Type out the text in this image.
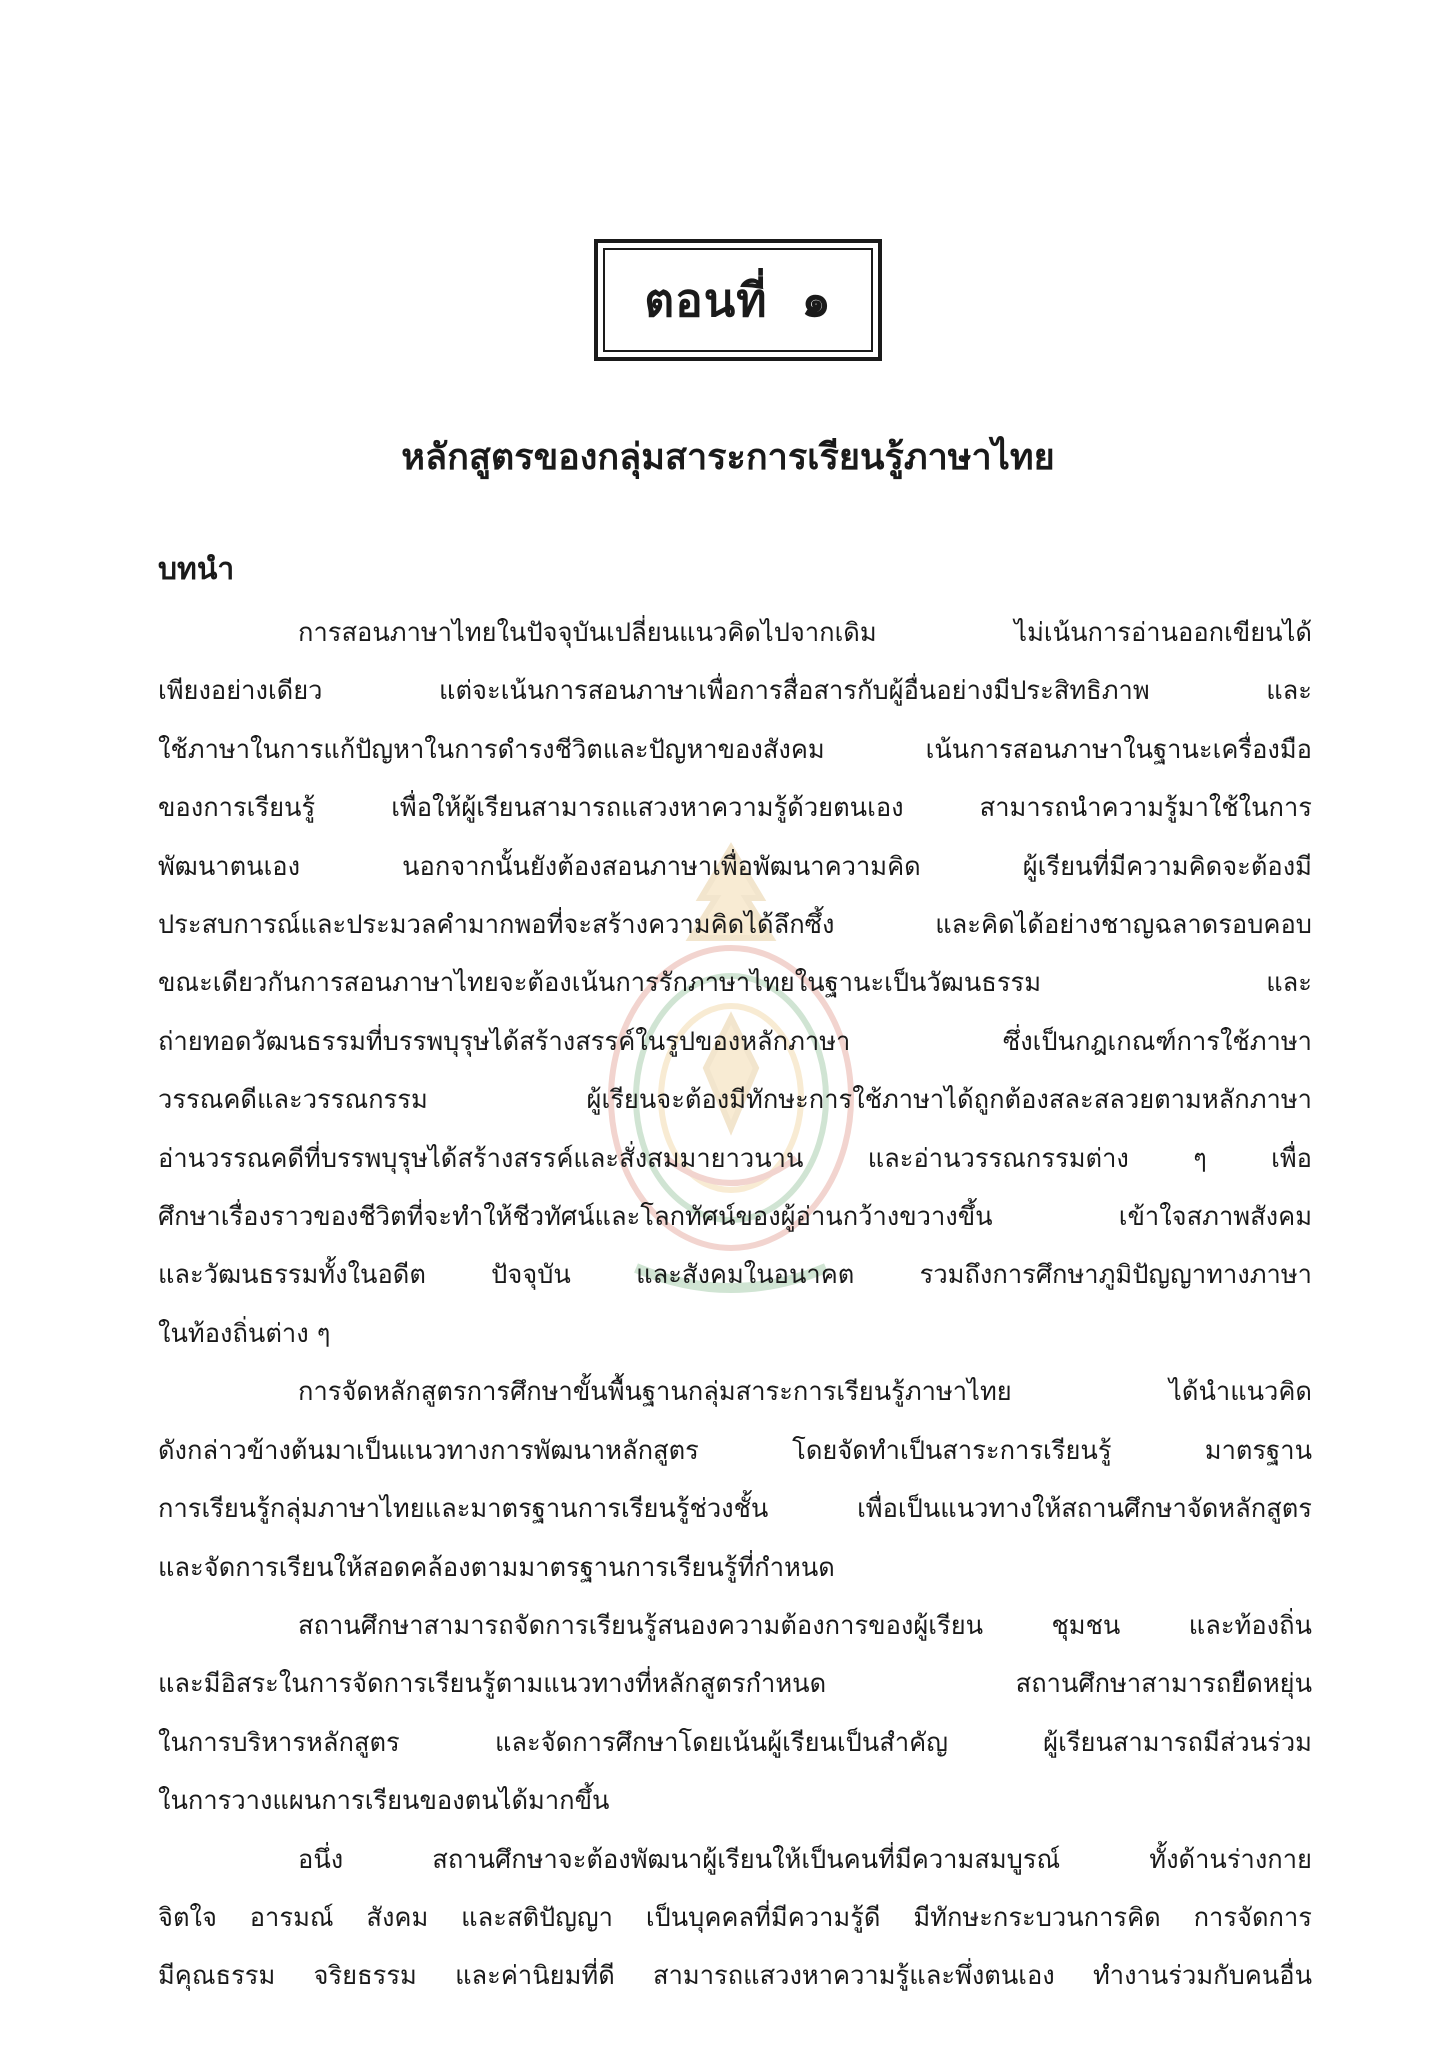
ตอนที่ ๑
หลักสูตรของกลุ่มสาระการเรียนรู้ภาษาไทย
บทนำ
การสอนภาษาไทยในปัจจุบันเปลี่ยนแนวคิดไปจากเดิม ไม่เน้นการอ่านออกเขียนได้
เพียงอย่างเดียว แต่จะเน้นการสอนภาษาเพื่อการสื่อสารกับผู้อื่นอย่างมีประสิทธิภาพ และ
ใช้ภาษาในการแก้ปัญหาในการดำรงชีวิตและปัญหาของสังคม เน้นการสอนภาษาในฐานะเครื่องมือ
ของการเรียนรู้ เพื่อให้ผู้เรียนสามารถแสวงหาความรู้ด้วยตนเอง สามารถนำความรู้มาใช้ในการ
พัฒนาตนเอง นอกจากนั้นยังต้องสอนภาษาเพื่อพัฒนาความคิด ผู้เรียนที่มีความคิดจะต้องมี
ประสบการณ์และประมวลคำมากพอที่จะสร้างความคิดได้ลึกซึ้ง และคิดได้อย่างชาญฉลาดรอบคอบ
ขณะเดียวกันการสอนภาษาไทยจะต้องเน้นการรักภาษาไทยในฐานะเป็นวัฒนธรรม และ
ถ่ายทอดวัฒนธรรมที่บรรพบุรุษได้สร้างสรรค์ในรูปของหลักภาษา ซึ่งเป็นกฎเกณฑ์การใช้ภาษา
วรรณคดีและวรรณกรรม ผู้เรียนจะต้องมีทักษะการใช้ภาษาได้ถูกต้องสละสลวยตามหลักภาษา
อ่านวรรณคดีที่บรรพบุรุษได้สร้างสรรค์และสั่งสมมายาวนาน และอ่านวรรณกรรมต่าง ๆ เพื่อ
ศึกษาเรื่องราวของชีวิตที่จะทำให้ชีวทัศน์และโลกทัศน์ของผู้อ่านกว้างขวางขึ้น เข้าใจสภาพสังคม
และวัฒนธรรมทั้งในอดีต ปัจจุบัน และสังคมในอนาคต รวมถึงการศึกษาภูมิปัญญาทางภาษา
ในท้องถิ่นต่าง ๆ
การจัดหลักสูตรการศึกษาขั้นพื้นฐานกลุ่มสาระการเรียนรู้ภาษาไทย ได้นำแนวคิด
ดังกล่าวข้างต้นมาเป็นแนวทางการพัฒนาหลักสูตร โดยจัดทำเป็นสาระการเรียนรู้ มาตรฐาน
การเรียนรู้กลุ่มภาษาไทยและมาตรฐานการเรียนรู้ช่วงชั้น เพื่อเป็นแนวทางให้สถานศึกษาจัดหลักสูตร
และจัดการเรียนให้สอดคล้องตามมาตรฐานการเรียนรู้ที่กำหนด
สถานศึกษาสามารถจัดการเรียนรู้สนองความต้องการของผู้เรียน ชุมชน และท้องถิ่น
และมีอิสระในการจัดการเรียนรู้ตามแนวทางที่หลักสูตรกำหนด สถานศึกษาสามารถยืดหยุ่น
ในการบริหารหลักสูตร และจัดการศึกษาโดยเน้นผู้เรียนเป็นสำคัญ ผู้เรียนสามารถมีส่วนร่วม
ในการวางแผนการเรียนของตนได้มากขึ้น
อนึ่ง สถานศึกษาจะต้องพัฒนาผู้เรียนให้เป็นคนที่มีความสมบูรณ์ ทั้งด้านร่างกาย
จิตใจ อารมณ์ สังคม และสติปัญญา เป็นบุคคลที่มีความรู้ดี มีทักษะกระบวนการคิด การจัดการ
มีคุณธรรม จริยธรรม และค่านิยมที่ดี สามารถแสวงหาความรู้และพึ่งตนเอง ทำงานร่วมกับคนอื่น
